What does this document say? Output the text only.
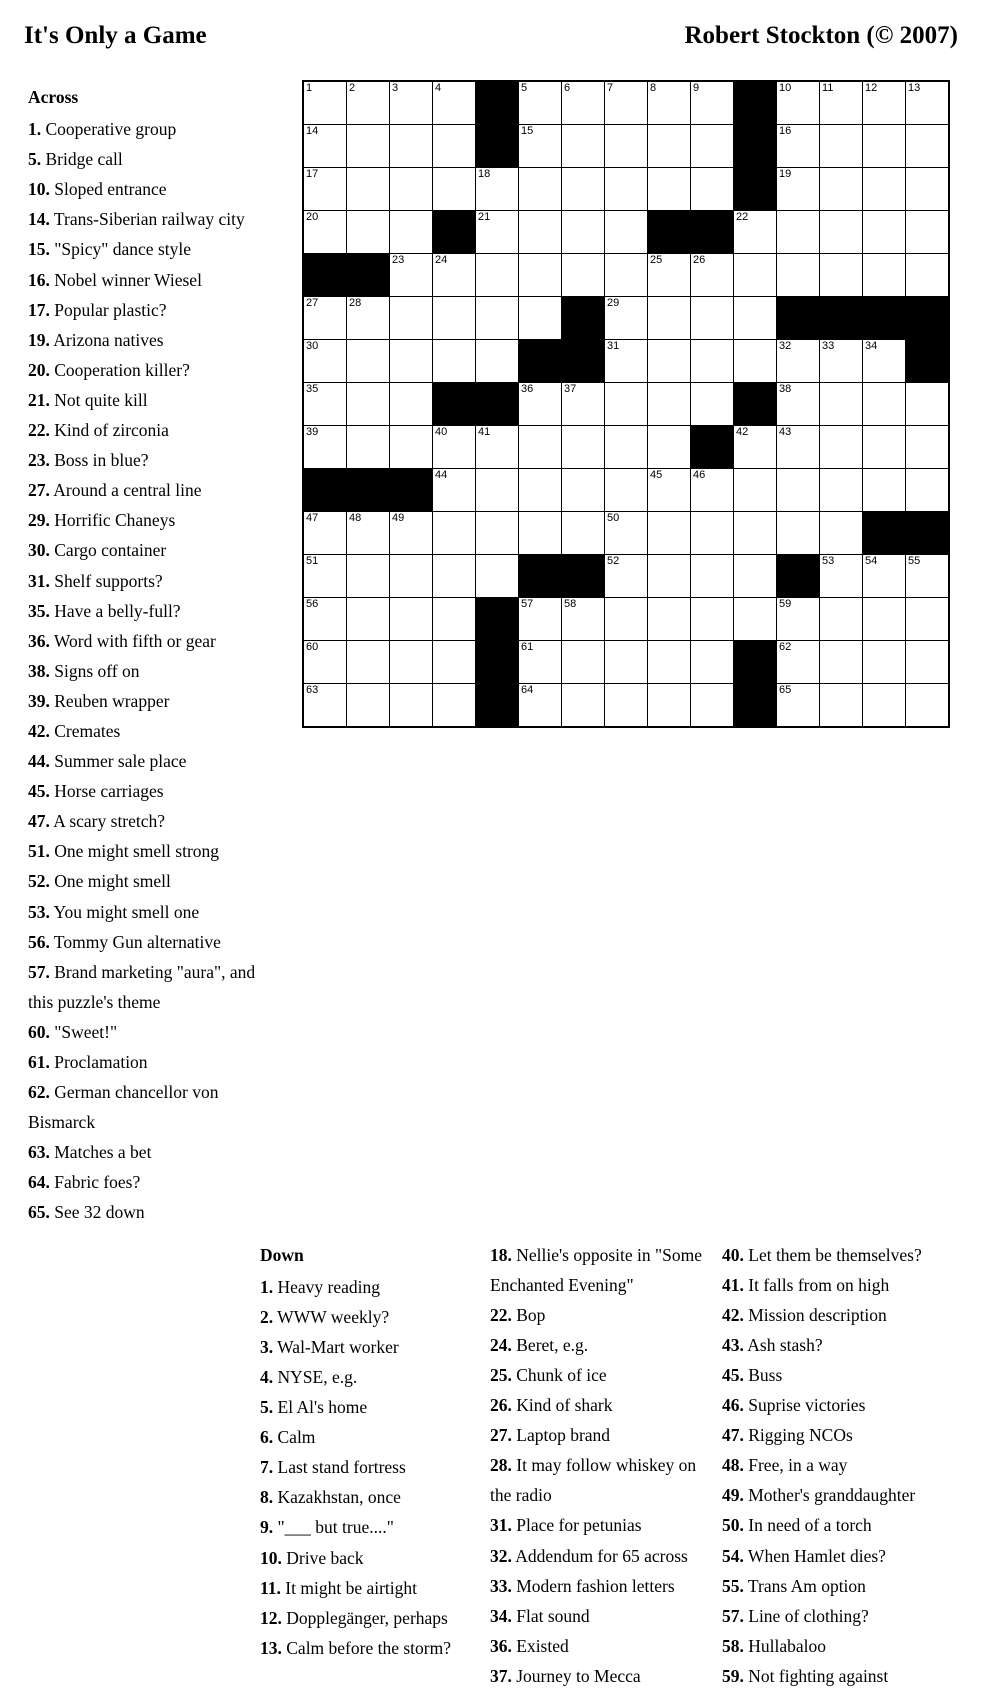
It's Only a Game	Robert Stockton (© 2007)
Across
1. Cooperative group
5. Bridge call
10. Sloped entrance
14. Trans-Siberian railway city
15. "Spicy" dance style
16. Nobel winner Wiesel
17. Popular plastic?
19. Arizona natives
20. Cooperation killer?
21. Not quite kill
22. Kind of zirconia
23. Boss in blue?
27. Around a central line
29. Horrific Chaneys
30. Cargo container
31. Shelf supports?
35. Have a belly-full?
36. Word with fifth or gear
38. Signs off on
39. Reuben wrapper
42. Cremates
44. Summer sale place
45. Horse carriages
47. A scary stretch?
51. One might smell strong
52. One might smell
53. You might smell one
56. Tommy Gun alternative
57. Brand marketing "aura", and this puzzle's theme
60. "Sweet!"
61. Proclamation
62. German chancellor von Bismarck
63. Matches a bet
64. Fabric foes?
65. See 32 down
1	2	3	4		5	6	7	8	9		10	11	12	13

14					15						16			

17				18							19			

20				21						22				

		23	24					25	26					

27	28						29							

30							31				32	33	34	

35					36	37					38			

39			40	41						42	43			

			44					45	46					

47	48	49					50							

51							52					53	54	55

56					57	58					59			

60					61						62			

63					64						65			

Down
1. Heavy reading
2. WWW weekly?
3. Wal-Mart worker
4. NYSE, e.g.
5. El Al's home
6. Calm
7. Last stand fortress
8. Kazakhstan, once
9. "___ but true...."
10. Drive back
11. It might be airtight
12. Dopplegänger, perhaps
13. Calm before the storm?
18. Nellie's opposite in "Some Enchanted Evening"
22. Bop
24. Beret, e.g.
25. Chunk of ice
26. Kind of shark
27. Laptop brand
28. It may follow whiskey on the radio
31. Place for petunias
32. Addendum for 65 across
33. Modern fashion letters
34. Flat sound
36. Existed
37. Journey to Mecca
40. Let them be themselves?
41. It falls from on high
42. Mission description
43. Ash stash?
45. Buss
46. Suprise victories
47. Rigging NCOs
48. Free, in a way
49. Mother's granddaughter
50. In need of a torch
54. When Hamlet dies?
55. Trans Am option
57. Line of clothing?
58. Hullabaloo
59. Not fighting against
